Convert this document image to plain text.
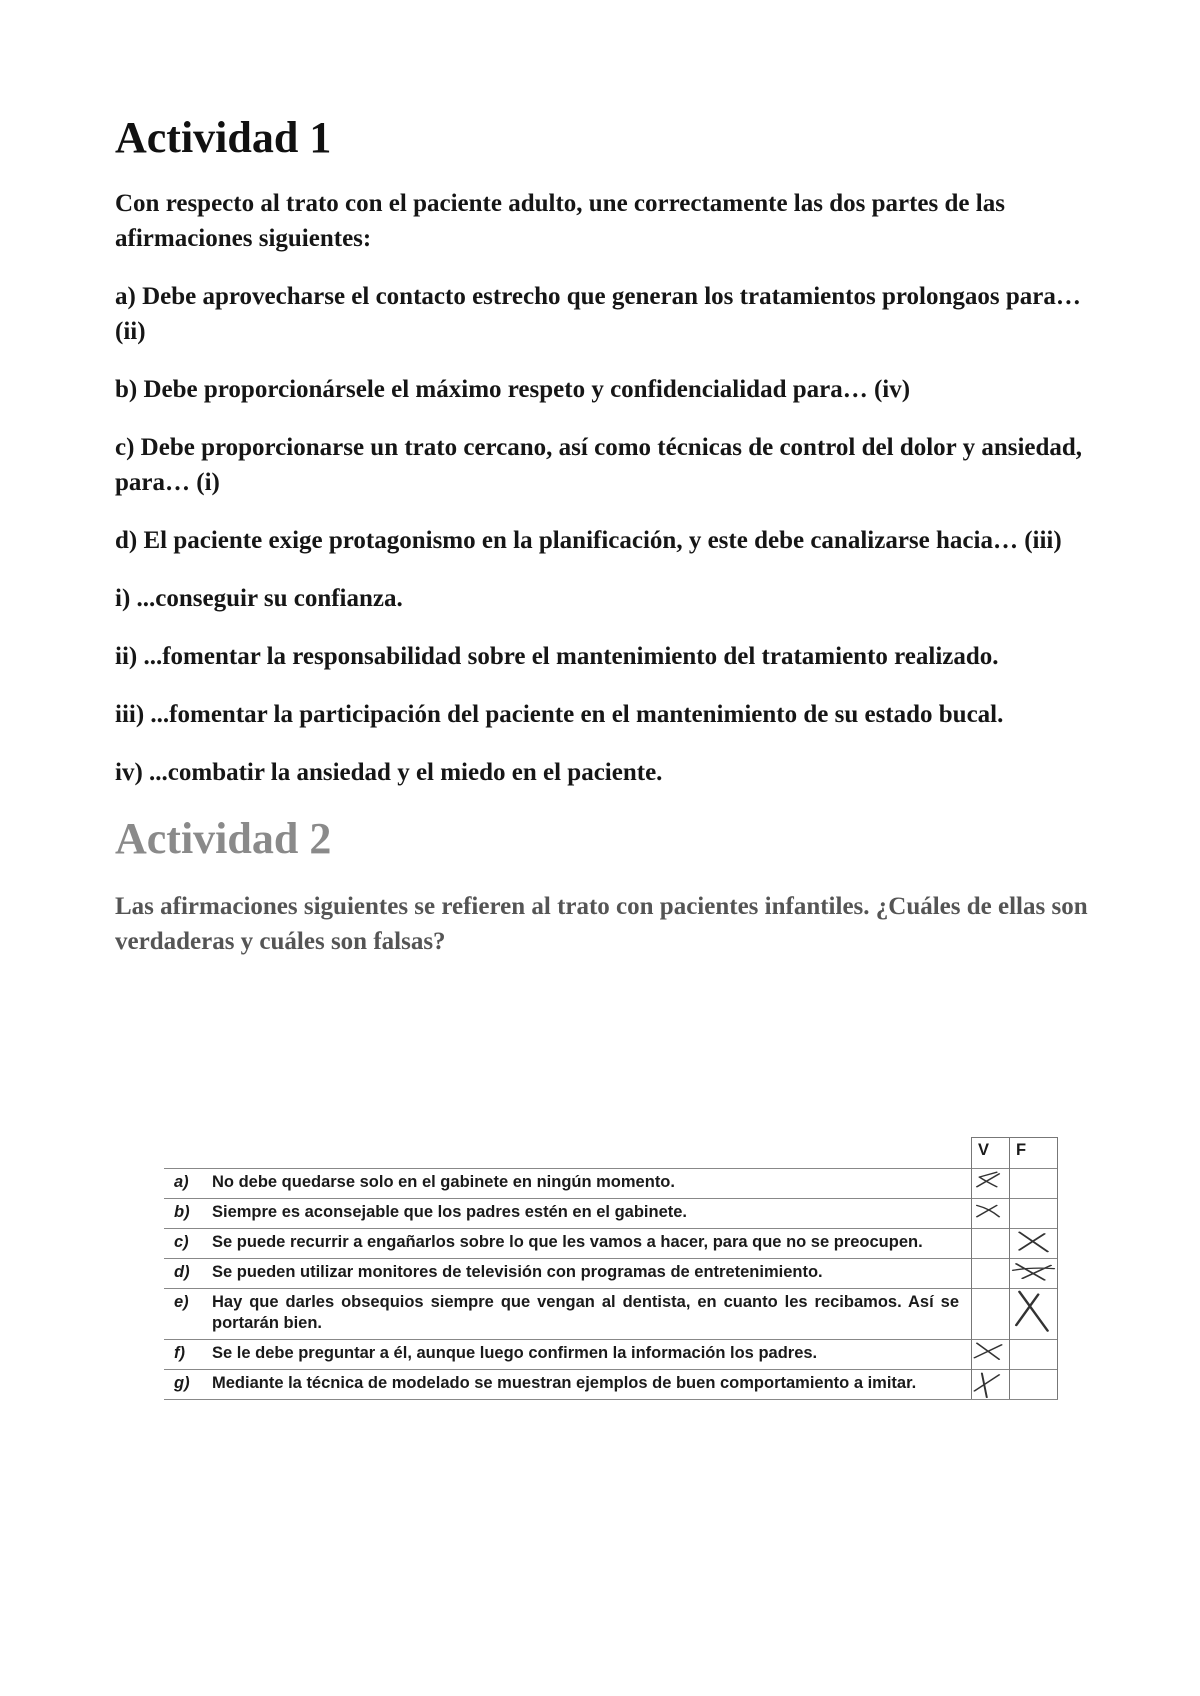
Actividad 1

Con respecto al trato con el paciente adulto, une correctamente las dos partes de las afirmaciones siguientes:

a) Debe aprovecharse el contacto estrecho que generan los tratamientos prolongaos para… (ii)

b) Debe proporcionársele el máximo respeto y confidencialidad para… (iv)

c) Debe proporcionarse un trato cercano, así como técnicas de control del dolor y ansiedad, para… (i)

d) El paciente exige protagonismo en la planificación, y este debe canalizarse hacia… (iii)

i) ...conseguir su confianza.

ii) ...fomentar la responsabilidad sobre el mantenimiento del tratamiento realizado.

iii) ...fomentar la participación del paciente en el mantenimiento de su estado bucal.

iv) ...combatir la ansiedad y el miedo en el paciente.

Actividad 2

Las afirmaciones siguientes se refieren al trato con pacientes infantiles. ¿Cuáles de ellas son verdaderas y cuáles son falsas?

		V	F
a)	No debe quedarse solo en el gabinete en ningún momento.	

b)	Siempre es aconsejable que los padres estén en el gabinete.	

c)	Se puede recurrir a engañarlos sobre lo que les vamos a hacer, para que no se preocupen.		

d)	Se pueden utilizar monitores de televisión con programas de entretenimiento.		

e)	Hay que darles obsequios siempre que vengan al dentista, en cuanto les recibamos. Así se portarán bien.		

f)	Se le debe preguntar a él, aunque luego confirmen la información los padres.	

g)	Mediante la técnica de modelado se muestran ejemplos de buen comportamiento a imitar.	
